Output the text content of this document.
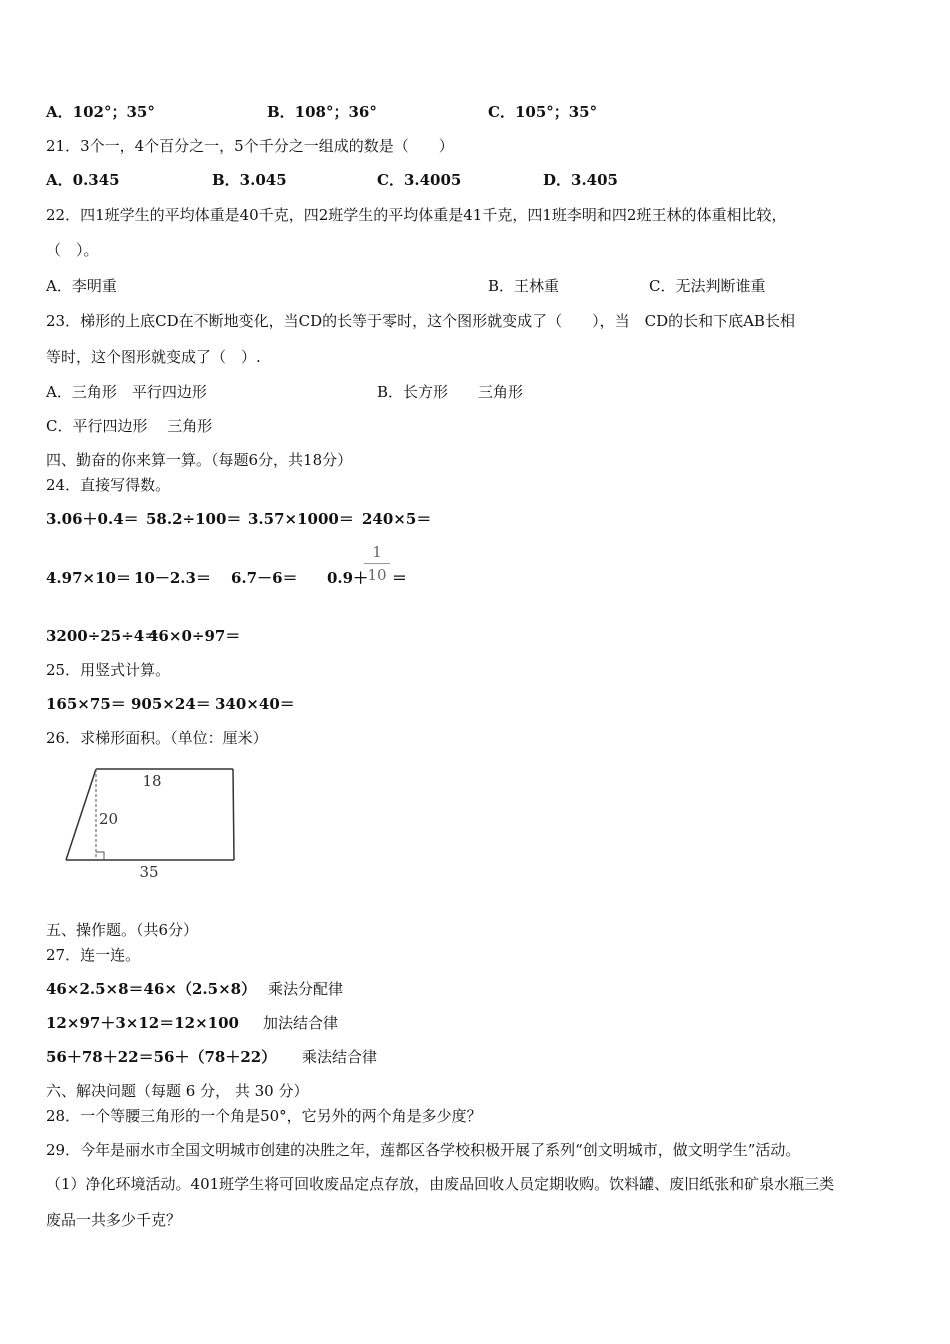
A．102°；35°	B．108°；36°	C．105°；35°
21．3个一，4个百分之一，5个千分之一组成的数是（　　）
A．0.345	B．3.045	C．3.4005	D．3.405
22．四1班学生的平均体重是40千克，四2班学生的平均体重是41千克，四1班李明和四2班王林的体重相比较，
（　）。
A．李明重	B．王林重	C．无法判断谁重
23．梯形的上底CD在不断地变化，当CD的长等于零时，这个图形就变成了（　　），当　CD的长和下底AB长相
等时，这个图形就变成了（　）.
A．三角形　平行四边形	B．长方形　　三角形
C．平行四边形　 三角形
四、勤奋的你来算一算。（每题6分，共18分）
24．直接写得数。
3.06＋0.4＝ 58.2÷100＝ 3.57×1000＝ 240×5＝
4.97×10＝ 10－2.3＝ 6.7－6＝ 0.9＋
1
10 ＝
3200÷25÷4＝
46×0÷97＝
25．用竖式计算。
165×75＝ 905×24＝ 340×40＝
26．求梯形面积。（单位：厘米）
18
20
35
五、操作题。（共6分）
27．连一连。
46×2.5×8＝46×（2.5×8） 乘法分配律
12×97＋3×12＝12×100 加法结合律
56＋78＋22＝56＋（78＋22） 乘法结合律
六、解决问题（每题 6 分， 共 30 分）
28．一个等腰三角形的一个角是50°，它另外的两个角是多少度？
29．今年是丽水市全国文明城市创建的决胜之年，莲都区各学校积极开展了系列“创文明城市，做文明学生”活动。
（1）净化环境活动。401班学生将可回收废品定点存放，由废品回收人员定期收购。饮料罐、废旧纸张和矿泉水瓶三类
废品一共多少千克？
